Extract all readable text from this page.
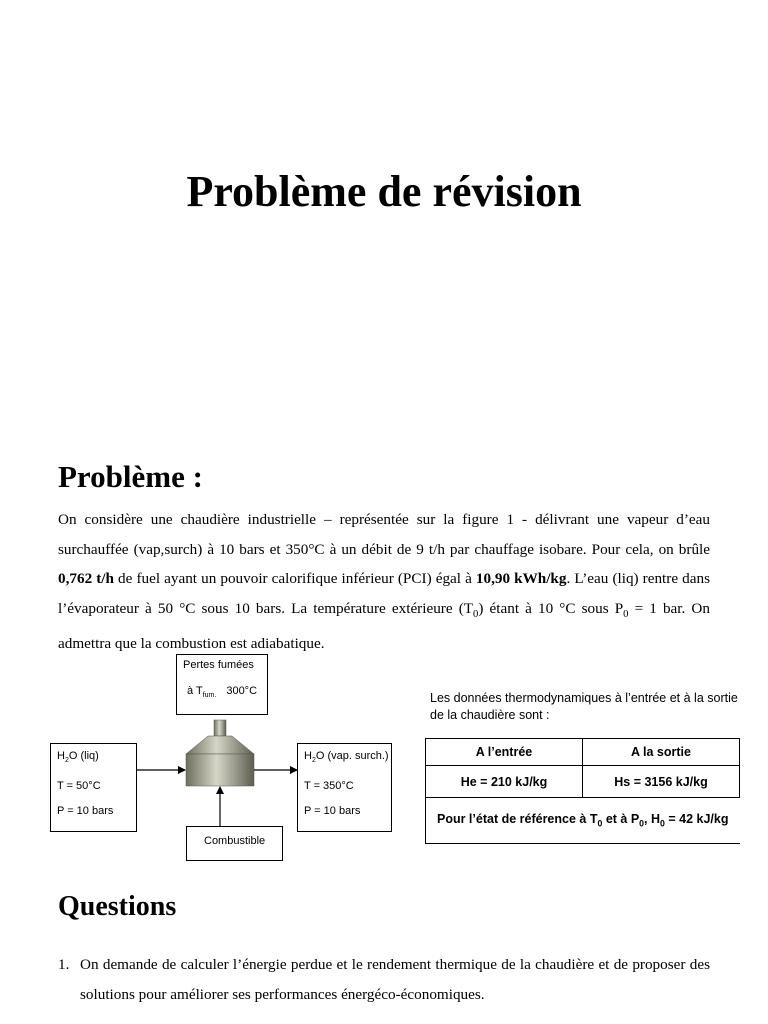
Problème de révision
Problème :
On considère une chaudière industrielle – représentée sur la figure 1 - délivrant une vapeur d’eau surchauffée (vap,surch) à 10 bars et 350°C à un débit de 9 t/h par chauffage isobare. Pour cela, on brûle 0,762 t/h de fuel ayant un pouvoir calorifique inférieur (PCI) égal à 10,90 kWh/kg. L’eau (liq) rentre dans l’évaporateur à 50 °C sous 10 bars. La température extérieure $(T_0)$ étant à 10 °C sous $P_0 = 1$ bar. On admettra que la combustion est adiabatique.
Pertes fumées
à $T_{fum.}$ 300°C
$H_2O$ (liq)
T = 50°C
P = 10 bars
$H_2O$ (vap. surch.)
T = 350°C
P = 10 bars
Combustible
Les données thermodynamiques à l’entrée et à la sortie de la chaudière sont :
A l’entrée	A la sortie
He = 210 kJ/kg	Hs = 3156 kJ/kg
Pour l’état de référence à $T_0$ et à $P_0$, $H_0 = 42$ kJ/kg	
Questions
1. On demande de calculer l’énergie perdue et le rendement thermique de la chaudière et de proposer des solutions pour améliorer ses performances énergéco-économiques.
